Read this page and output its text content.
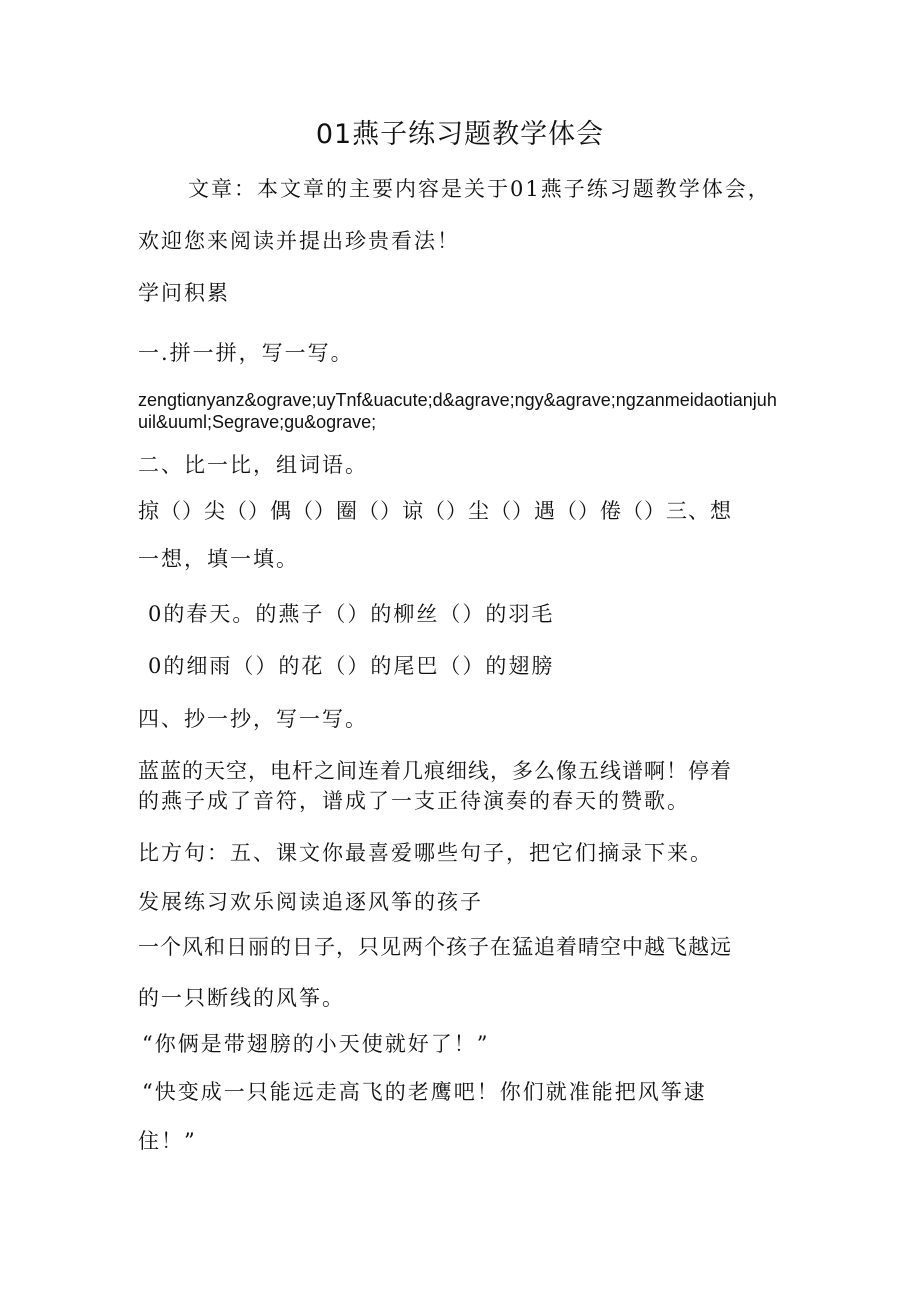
01燕子练习题教学体会
文章：本文章的主要内容是关于01燕子练习题教学体会，
欢迎您来阅读并提出珍贵看法！
学问积累
一.拼一拼，写一写。
zengtiαnyanz&ograve;uyTnf&uacute;d&agrave;ngy&agrave;ngzanmeidaotianjuhuil&uuml;Segrave;gu&ograve;
二、比一比，组词语。
掠（）尖（）偶（）圈（）谅（）尘（）遇（）倦（）三、想
一想，填一填。
0的春天。的燕子（）的柳丝（）的羽毛
0的细雨（）的花（）的尾巴（）的翅膀
四、抄一抄，写一写。
蓝蓝的天空，电杆之间连着几痕细线，多么像五线谱啊！停着
的燕子成了音符，谱成了一支正待演奏的春天的赞歌。
比方句：五、课文你最喜爱哪些句子，把它们摘录下来。
发展练习欢乐阅读追逐风筝的孩子
一个风和日丽的日子，只见两个孩子在猛追着晴空中越飞越远
的一只断线的风筝。
“你俩是带翅膀的小天使就好了！”
“快变成一只能远走高飞的老鹰吧！你们就准能把风筝逮
住！”
